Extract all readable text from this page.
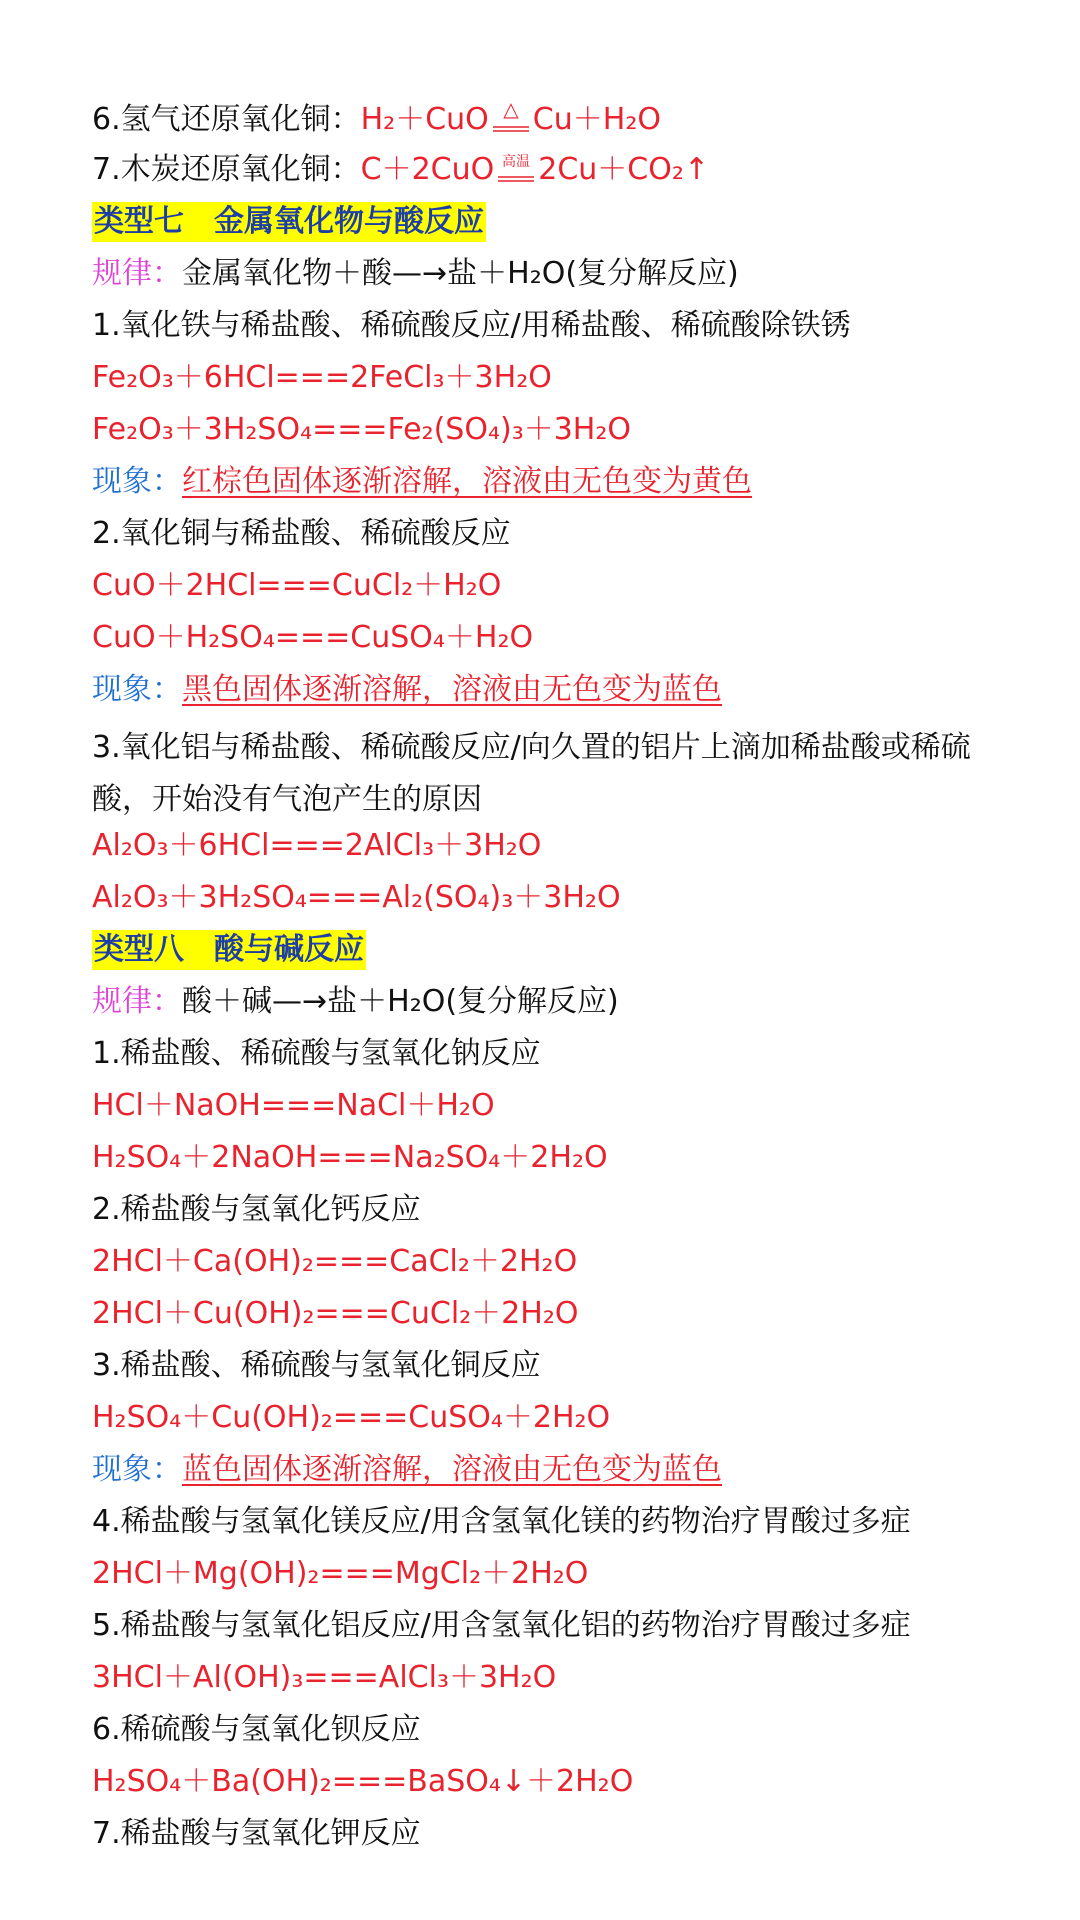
6.氢气还原氧化铜：H₂＋CuO △ Cu＋H₂O
7.木炭还原氧化铜：C＋2CuO 高温 2Cu＋CO₂↑
类型七　金属氧化物与酸反应
规律：金属氧化物＋酸—→盐＋H₂O(复分解反应)
1.氧化铁与稀盐酸、稀硫酸反应/用稀盐酸、稀硫酸除铁锈
Fe₂O₃＋6HCl===2FeCl₃＋3H₂O
Fe₂O₃＋3H₂SO₄===Fe₂(SO₄)₃＋3H₂O
现象：红棕色固体逐渐溶解，溶液由无色变为黄色
2.氧化铜与稀盐酸、稀硫酸反应
CuO＋2HCl===CuCl₂＋H₂O
CuO＋H₂SO₄===CuSO₄＋H₂O
现象：黑色固体逐渐溶解，溶液由无色变为蓝色
3.氧化铝与稀盐酸、稀硫酸反应/向久置的铝片上滴加稀盐酸或稀硫酸，开始没有气泡产生的原因
Al₂O₃＋6HCl===2AlCl₃＋3H₂O
Al₂O₃＋3H₂SO₄===Al₂(SO₄)₃＋3H₂O
类型八　酸与碱反应
规律：酸＋碱—→盐＋H₂O(复分解反应)
1.稀盐酸、稀硫酸与氢氧化钠反应
HCl＋NaOH===NaCl＋H₂O
H₂SO₄＋2NaOH===Na₂SO₄＋2H₂O
2.稀盐酸与氢氧化钙反应
2HCl＋Ca(OH)₂===CaCl₂＋2H₂O
2HCl＋Cu(OH)₂===CuCl₂＋2H₂O
3.稀盐酸、稀硫酸与氢氧化铜反应
H₂SO₄＋Cu(OH)₂===CuSO₄＋2H₂O
现象：蓝色固体逐渐溶解，溶液由无色变为蓝色
4.稀盐酸与氢氧化镁反应/用含氢氧化镁的药物治疗胃酸过多症
2HCl＋Mg(OH)₂===MgCl₂＋2H₂O
5.稀盐酸与氢氧化铝反应/用含氢氧化铝的药物治疗胃酸过多症
3HCl＋Al(OH)₃===AlCl₃＋3H₂O
6.稀硫酸与氢氧化钡反应
H₂SO₄＋Ba(OH)₂===BaSO₄↓＋2H₂O
7.稀盐酸与氢氧化钾反应
